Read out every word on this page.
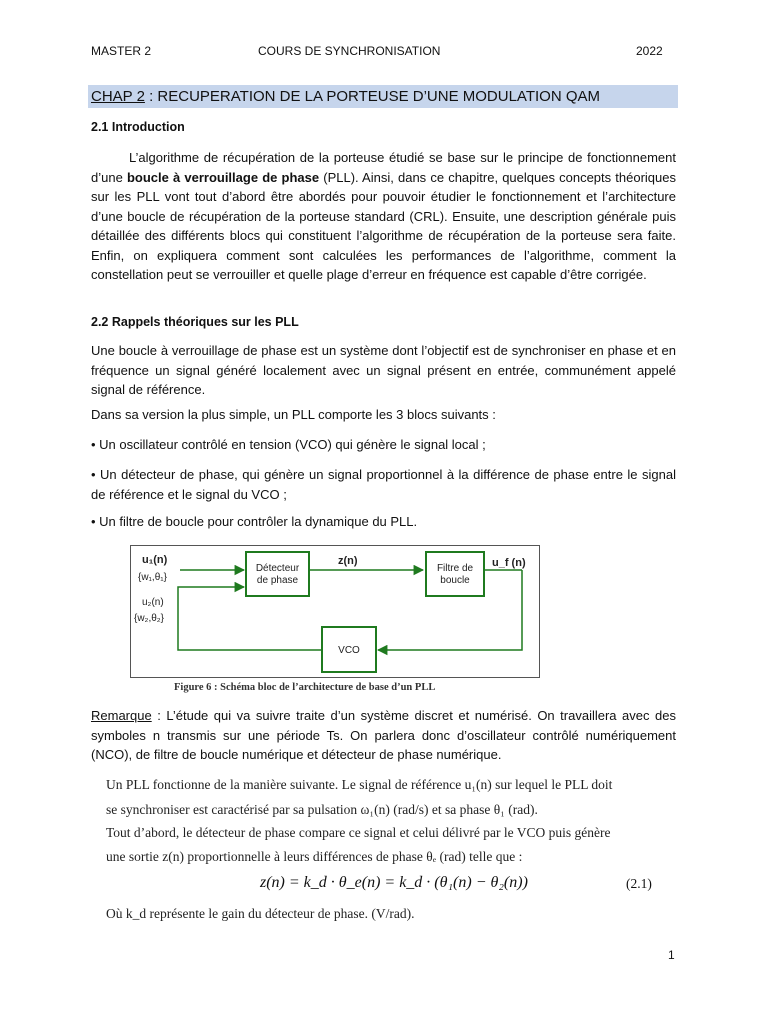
MASTER 2	COURS DE SYNCHRONISATION	2022
CHAP 2 : RECUPERATION DE LA PORTEUSE D’UNE MODULATION QAM
2.1 Introduction

L’algorithme de récupération de la porteuse étudié se base sur le principe de fonctionnement d’une boucle à verrouillage de phase (PLL). Ainsi, dans ce chapitre, quelques concepts théoriques sur les PLL vont tout d’abord être abordés pour pouvoir étudier le fonctionnement et l’architecture d’une boucle de récupération de la porteuse standard (CRL). Ensuite, une description générale puis détaillée des différents blocs qui constituent l’algorithme de récupération de la porteuse sera faite. Enfin, on expliquera comment sont calculées les performances de l’algorithme, comment la constellation peut se verrouiller et quelle plage d’erreur en fréquence est capable d’être corrigée.

2.2 Rappels théoriques sur les PLL

Une boucle à verrouillage de phase est un système dont l’objectif est de synchroniser en phase et en fréquence un signal généré localement avec un signal présent en entrée, communément appelé signal de référence.

Dans sa version la plus simple, un PLL comporte les 3 blocs suivants :
• Un oscillateur contrôlé en tension (VCO) qui génère le signal local ;

• Un détecteur de phase, qui génère un signal proportionnel à la différence de phase entre le signal de référence et le signal du VCO ;

• Un filtre de boucle pour contrôler la dynamique du PLL.
u₁(n)
{w₁,θ₁}
u₂(n)
{w₂,θ₂}
Détecteur
de phase
z(n)
Filtre de
boucle
u_f (n)
VCO
Figure 6 : Schéma bloc de l’architecture de base d’un PLL

Remarque : L’étude qui va suivre traite d’un système discret et numérisé. On travaillera avec des symboles n transmis sur une période Ts. On parlera donc d’oscillateur contrôlé numériquement (NCO), de filtre de boucle numérique et détecteur de phase numérique.

Un PLL fonctionne de la manière suivante. Le signal de référence u₁(n) sur lequel le PLL doit
se synchroniser est caractérisé par sa pulsation ω₁(n) (rad/s) et sa phase θ₁ (rad).
Tout d’abord, le détecteur de phase compare ce signal et celui délivré par le VCO puis génère
une sortie z(n) proportionnelle à leurs différences de phase θₑ (rad) telle que :
z(n) = k_d · θ_e(n) = k_d · (θ₁(n) − θ₂(n))	(2.1)
Où k_d représente le gain du détecteur de phase. (V/rad).
1
